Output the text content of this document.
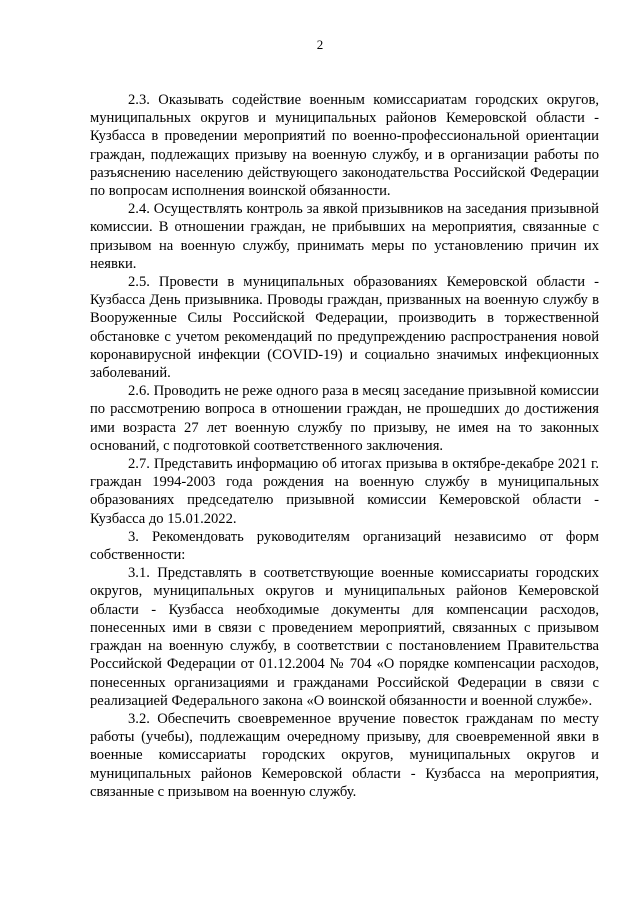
2

2.3. Оказывать содействие военным комиссариатам городских округов, муниципальных округов и муниципальных районов Кемеровской области - Кузбасса в проведении мероприятий по военно-профессиональной ориентации граждан, подлежащих призыву на военную службу, и в организации работы по разъяснению населению действующего законодательства Российской Федерации по вопросам исполнения воинской обязанности.

2.4. Осуществлять контроль за явкой призывников на заседания призывной комиссии. В отношении граждан, не прибывших на мероприятия, связанные с призывом на военную службу, принимать меры по установлению причин их неявки.

2.5. Провести в муниципальных образованиях Кемеровской области - Кузбасса День призывника. Проводы граждан, призванных на военную службу в Вооруженные Силы Российской Федерации, производить в торжественной обстановке с учетом рекомендаций по предупреждению распространения новой коронавирусной инфекции (COVID-19) и социально значимых инфекционных заболеваний.

2.6. Проводить не реже одного раза в месяц заседание призывной комиссии по рассмотрению вопроса в отношении граждан, не прошедших до достижения ими возраста 27 лет военную службу по призыву, не имея на то законных оснований, с подготовкой соответственного заключения.

2.7. Представить информацию об итогах призыва в октябре-декабре 2021 г. граждан 1994-2003 года рождения на военную службу в муниципальных образованиях председателю призывной комиссии Кемеровской области - Кузбасса до 15.01.2022.

3. Рекомендовать руководителям организаций независимо от форм собственности:

3.1. Представлять в соответствующие военные комиссариаты городских округов, муниципальных округов и муниципальных районов Кемеровской области - Кузбасса необходимые документы для компенсации расходов, понесенных ими в связи с проведением мероприятий, связанных с призывом граждан на военную службу, в соответствии с постановлением Правительства Российской Федерации от 01.12.2004 № 704 «О порядке компенсации расходов, понесенных организациями и гражданами Российской Федерации в связи с реализацией Федерального закона «О воинской обязанности и военной службе».

3.2. Обеспечить своевременное вручение повесток гражданам по месту работы (учебы), подлежащим очередному призыву, для своевременной явки в военные комиссариаты городских округов, муниципальных округов и муниципальных районов Кемеровской области - Кузбасса на мероприятия, связанные с призывом на военную службу.
